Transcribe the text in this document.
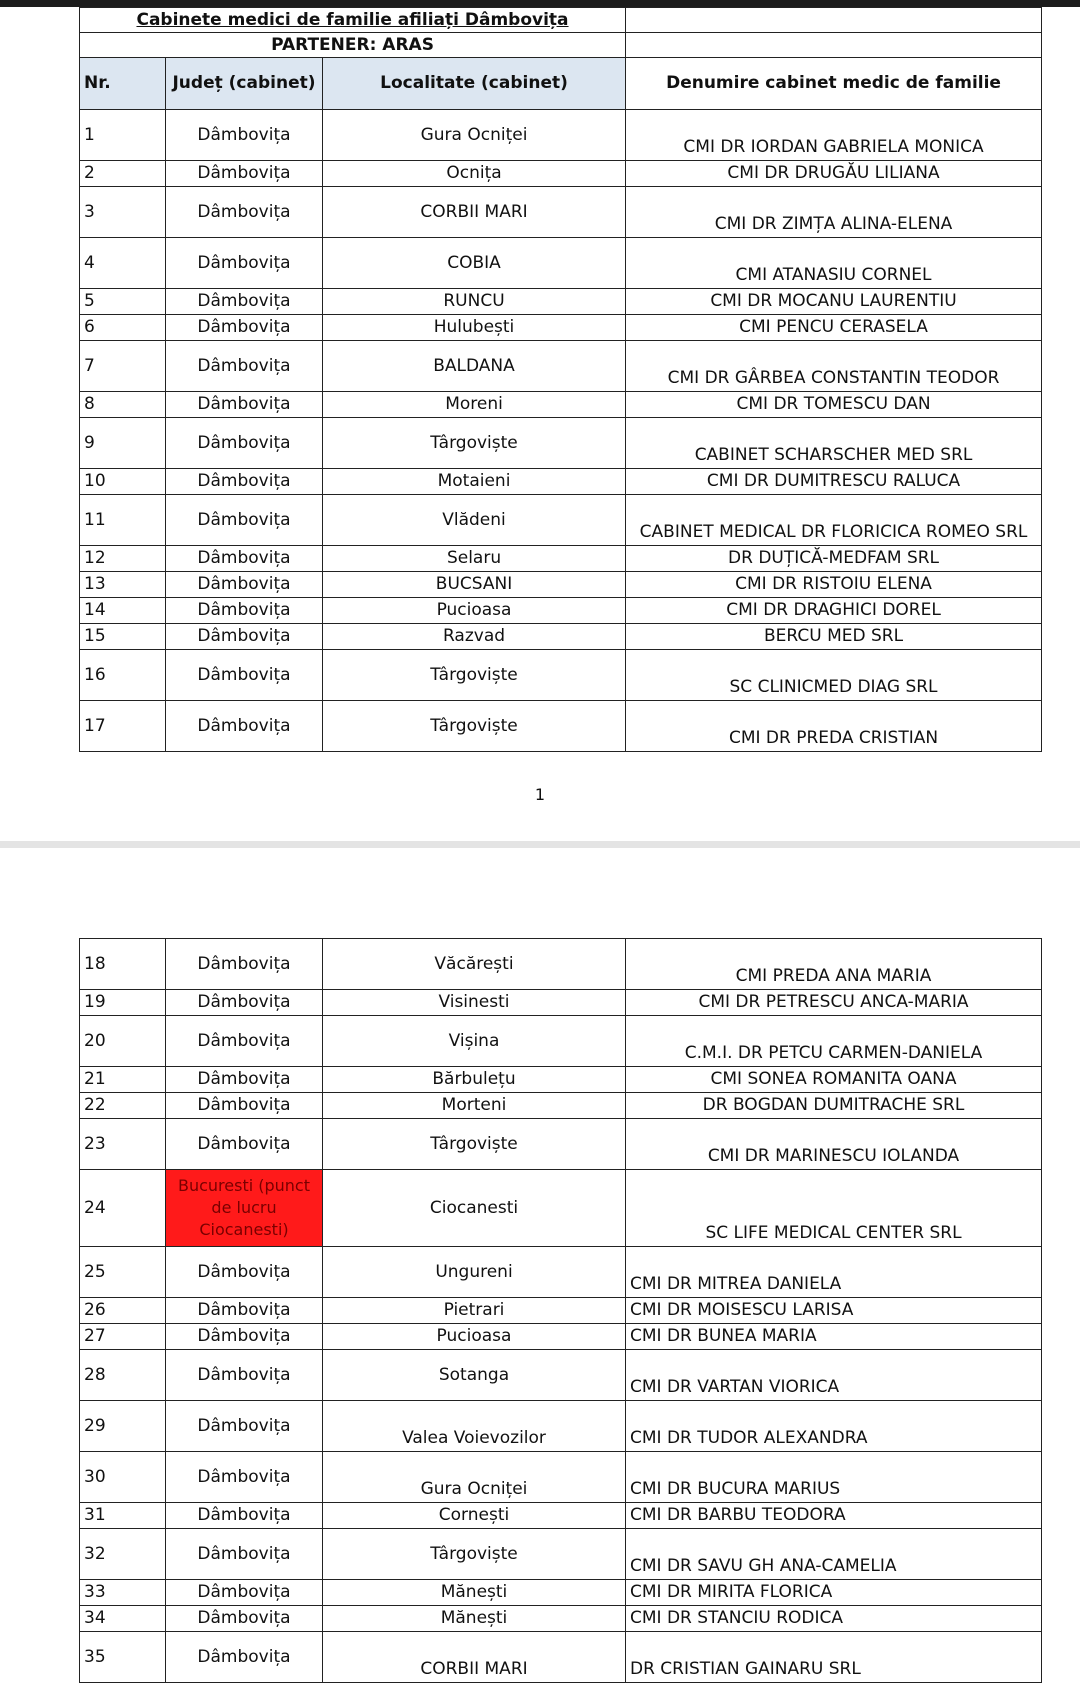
Cabinete medici de familie afiliați Dâmbovița			
PARTENER: ARAS			
Nr.	Județ (cabinet)	Localitate (cabinet)	Denumire cabinet medic de familie
1	Dâmbovița	Gura Ocniței	CMI DR IORDAN GABRIELA MONICA
2	Dâmbovița	Ocnița	CMI DR DRUGĂU LILIANA
3	Dâmbovița	CORBII MARI	CMI DR ZIMȚA ALINA-ELENA
4	Dâmbovița	COBIA	CMI ATANASIU CORNEL
5	Dâmbovița	RUNCU	CMI DR MOCANU LAURENTIU
6	Dâmbovița	Hulubești	CMI PENCU CERASELA
7	Dâmbovița	BALDANA	CMI DR GÂRBEA CONSTANTIN TEODOR
8	Dâmbovița	Moreni	CMI DR TOMESCU DAN
9	Dâmbovița	Târgoviște	CABINET SCHARSCHER MED SRL
10	Dâmbovița	Motaieni	CMI DR DUMITRESCU RALUCA
11	Dâmbovița	Vlădeni	CABINET MEDICAL DR FLORICICA ROMEO SRL
12	Dâmbovița	Selaru	DR DUȚICĂ-MEDFAM SRL
13	Dâmbovița	BUCSANI	CMI DR RISTOIU ELENA
14	Dâmbovița	Pucioasa	CMI DR DRAGHICI DOREL
15	Dâmbovița	Razvad	BERCU MED SRL
16	Dâmbovița	Târgoviște	SC CLINICMED DIAG SRL
17	Dâmbovița	Târgoviște	CMI DR PREDA CRISTIAN
1
18	Dâmbovița	Văcărești	CMI PREDA ANA MARIA
19	Dâmbovița	Visinesti	CMI DR PETRESCU ANCA-MARIA
20	Dâmbovița	Vișina	C.M.I. DR PETCU CARMEN-DANIELA
21	Dâmbovița	Bărbulețu	CMI SONEA ROMANITA OANA
22	Dâmbovița	Morteni	DR BOGDAN DUMITRACHE SRL
23	Dâmbovița	Târgoviște	CMI DR MARINESCU IOLANDA
24	Bucuresti (punct de lucru Ciocanesti)	Ciocanesti	SC LIFE MEDICAL CENTER SRL
25	Dâmbovița	Ungureni	CMI DR MITREA DANIELA
26	Dâmbovița	Pietrari	CMI DR MOISESCU LARISA
27	Dâmbovița	Pucioasa	CMI DR BUNEA MARIA
28	Dâmbovița	Sotanga	CMI DR VARTAN VIORICA
29	Dâmbovița	Valea Voievozilor	CMI DR TUDOR ALEXANDRA
30	Dâmbovița	Gura Ocniței	CMI DR BUCURA MARIUS
31	Dâmbovița	Cornești	CMI DR BARBU TEODORA
32	Dâmbovița	Târgoviște	CMI DR SAVU GH ANA-CAMELIA
33	Dâmbovița	Mănești	CMI DR MIRITA FLORICA
34	Dâmbovița	Mănești	CMI DR STANCIU RODICA
35	Dâmbovița	CORBII MARI	DR CRISTIAN GAINARU SRL
